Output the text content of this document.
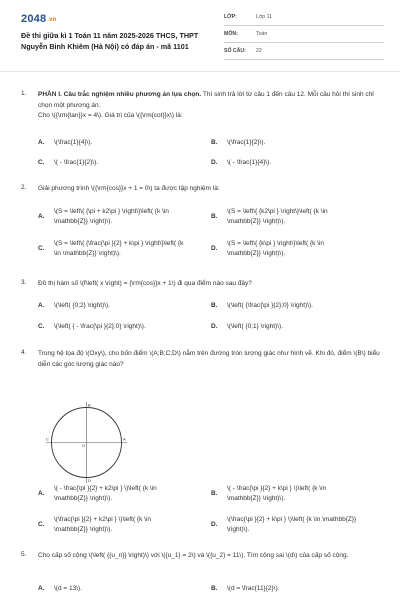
2048.vn
Đề thi giữa kì 1 Toán 11 năm 2025-2026 THCS, THPT
Nguyễn Bỉnh Khiêm (Hà Nội) có đáp án - mã 1101
LỚP:	Lớp 11
MÔN:	Toán
SỐ CÂU: 22
1. PHẦN I. Câu trắc nghiệm nhiều phương án lựa chọn. Thí sinh trả lời từ câu 1 đến câu 12. Mỗi câu hỏi thí sinh chỉ chọn một phương án.
Cho \({\rm{tan}}x = 4\). Giá trị của \({\rm{cot}}x\) là:
A. \(\frac{1}{4}\).	B. \(\frac{1}{2}\).
C. \( - \frac{1}{2}\).	D. \( - \frac{1}{4}\).
2. Giải phương trình \({\rm{cos}}x + 1 = 0\) ta được tập nghiệm là:
A.
\(S = \left\{ {\pi + k2\pi } \right\}\left( {k \in \mathbb{Z}} \right)\).
B.
\(S = \left\{ {k2\pi } \right\}\left( {k \in \mathbb{Z}} \right)\).
C.
\(S = \left\{ {\frac{\pi }{2} + k\pi } \right\}\left( {k \in \mathbb{Z}} \right)\).
D.
\(S = \left\{ {k\pi } \right\}\left( {k \in \mathbb{Z}} \right)\).
3. Đồ thị hàm số \(f\left( x \right) = {\rm{cos}}x + 1\) đi qua điểm nào sau đây?
A. \(\left( {0;2} \right)\).	B. \(\left( {\frac{\pi }{2};0} \right)\).
C. \(\left( { - \frac{\pi }{2};0} \right)\).	D. \(\left( {0;1} \right)\).
4. Trong hệ tọa độ \(Oxy\), cho bốn điểm \(A;B;C;D\) nằm trên đường tròn lượng giác như hình vẽ. Khi đó, điểm \(B\) biểu diễn các góc lượng giác nào?
A
B
C
D
O
A.
\( - \frac{\pi }{2} + k2\pi } \)\left( {k \in \mathbb{Z}} \right)\).
B.
\( - \frac{\pi }{2} + k\pi } \)\left( {k \in \mathbb{Z}} \right)\).
C.
\(\frac{\pi }{2} + k2\pi } \)\left( {k \in \mathbb{Z}} \right)\).
D.
\(\frac{\pi }{2} + k\pi } \)\left( {k \in \mathbb{Z}} \right)\).
5. Cho cấp số cộng \(\left( {{u_n}} \right)\) với \({u_1} = 2\) và \({u_2} = 11\). Tìm công sai \(d\) của cấp số cộng.
A. \(d = 13\).	B. \(d = \frac{11}{2}\).
